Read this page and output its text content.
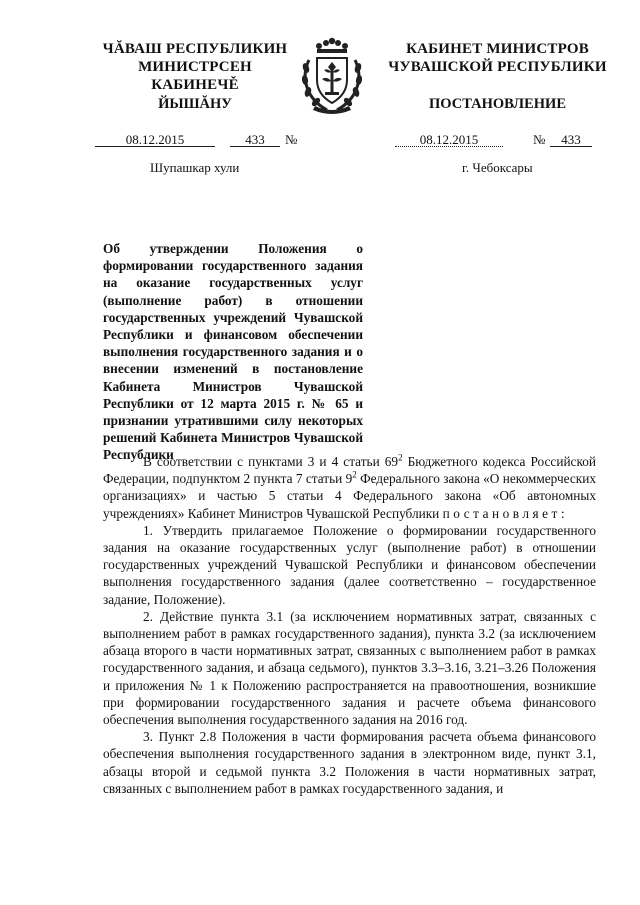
ЧĂВАШ РЕСПУБЛИКИН
МИНИСТРСЕН КАБИНЕЧĚ
ЙЫШĂНУ
КАБИНЕТ МИНИСТРОВ
ЧУВАШСКОЙ РЕСПУБЛИКИ
ПОСТАНОВЛЕНИЕ
08.12.2015	433	№	08.12.2015	№	433
Шупашкар хули	г. Чебоксары
Об утверждении Положения о формировании государственного задания на оказание государственных услуг (выполнение работ) в отношении государственных учреждений Чувашской Республики и финансовом обеспечении выполнения государственного задания и о внесении изменений в постановление Кабинета Министров Чувашской Республики от 12 марта 2015 г. № 65 и признании утратившими силу некоторых решений Кабинета Министров Чувашской Республики

В соответствии с пунктами 3 и 4 статьи $69^2$ Бюджетного кодекса Российской Федерации, подпунктом 2 пункта 7 статьи $9^2$ Федерального закона «О некоммерческих организациях» и частью 5 статьи 4 Федерального закона «Об автономных учреждениях» Кабинет Министров Чувашской Республики постановляет:

1. Утвердить прилагаемое Положение о формировании государственного задания на оказание государственных услуг (выполнение работ) в отношении государственных учреждений Чувашской Республики и финансовом обеспечении выполнения государственного задания (далее соответственно – государственное задание, Положение).

2. Действие пункта 3.1 (за исключением нормативных затрат, связанных с выполнением работ в рамках государственного задания), пункта 3.2 (за исключением абзаца второго в части нормативных затрат, связанных с выполнением работ в рамках государственного задания, и абзаца седьмого), пунктов 3.3–3.16, 3.21–3.26 Положения и приложения № 1 к Положению распространяется на правоотношения, возникшие при формировании государственного задания и расчете объема финансового обеспечения выполнения государственного задания на 2016 год.

3. Пункт 2.8 Положения в части формирования расчета объема финансового обеспечения выполнения государственного задания в электронном виде, пункт 3.1, абзацы второй и седьмой пункта 3.2 Положения в части нормативных затрат, связанных с выполнением работ в рамках государственного задания, и
